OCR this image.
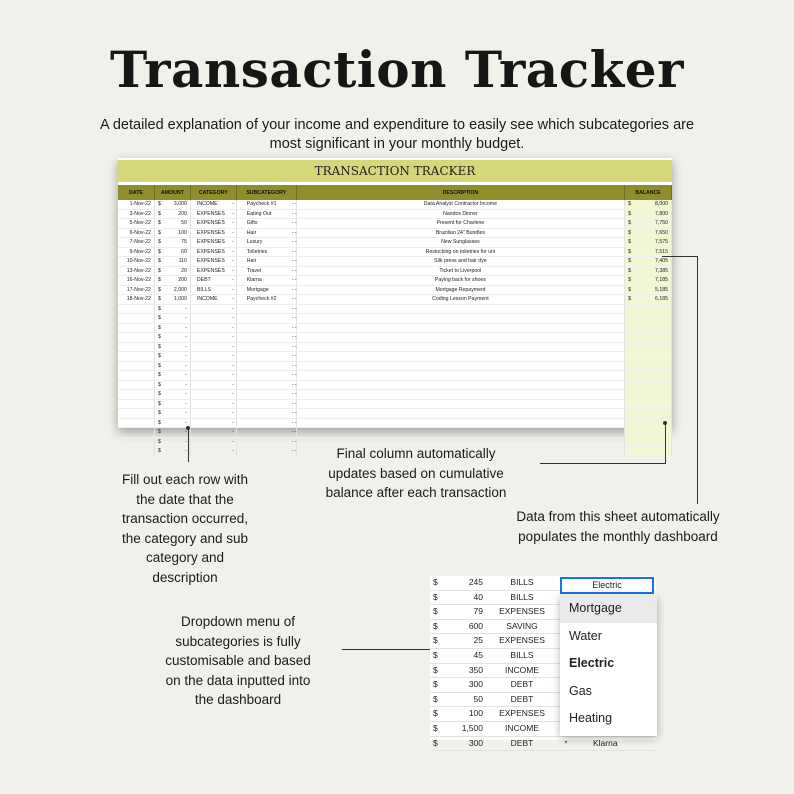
Transaction Tracker
A detailed explanation of your income and expenditure to easily see which subcategories are
most significant in your monthly budget.
TRANSACTION TRACKER
DATE	AMOUNT	CATEGORY	SUBCATEGORY	DESCRIPTION	BALANCE
1-Nov-22	$	3,000 INCOME	-	Paycheck #1	- -	Data Analyst Contractor Income	$	8,000
3-Nov-22	$	200 EXPENSES -	Eating Out	- -	Nandos Dinner	$	7,800
5-Nov-22	$	50 EXPENSES -	Gifts	- -	Present for Charlene	$	7,750
6-Nov-22	$	100 EXPENSES -	Hair	- -	Brazilian 24" Bundles	$	7,650
7-Nov-22	$	75 EXPENSES -	Luxury	- -	New Sunglasses	$	7,575
9-Nov-22	$	60 EXPENSES -	Toiletries	- -	Restocking on toiletries for uni	$	7,515
10-Nov-22	$	110 EXPENSES -	Hair	- -	Silk press and hair dye	$	7,405
13-Nov-22	$	20 EXPENSES -	Travel	- -	Ticket to Liverpool	$	7,385
16-Nov-22	$	200 DEBT	-	Klarna	- -	Paying back for shoes	$	7,185
17-Nov-22	$	2,000 BILLS	-	Mortgage	- -	Mortgage Repayment	$	5,185
18-Nov-22	$	1,000 INCOME	-	Paycheck #2	- -	Coding Lesson Payment	$	6,185
$	-	-	- -
$	-	-	- -
$	-	-	- -
$	-	-	- -
$	-	-	- -
$	-	-	- -
$	-	-	- -
$	-	-	- -
$	-	-	- -
$	-	-	- -
$	-	-	- -
$	-	-	- -
$	-	-	- -
$	-	-	- -
$	-	-	- -
$	-	-	- -
Fill out each row with
the date that the
transaction occurred,
the category and sub
category and
description
Final column automatically
updates based on cumulative
balance after each transaction
Data from this sheet automatically
populates the monthly dashboard
Dropdown menu of
subcategories is fully
customisable and based
on the data inputted into
the dashboard
$	245	BILLS
$	40	BILLS
$	79	EXPENSES
$	600	SAVING
$	25	EXPENSES
$	45	BILLS
$	350	INCOME
$	300	DEBT
$	50	DEBT
$	100	EXPENSES
$	1,500	INCOME
$	300	DEBT	▾	Klarna
Electric
Mortgage
Water
Electric
Gas
Heating
